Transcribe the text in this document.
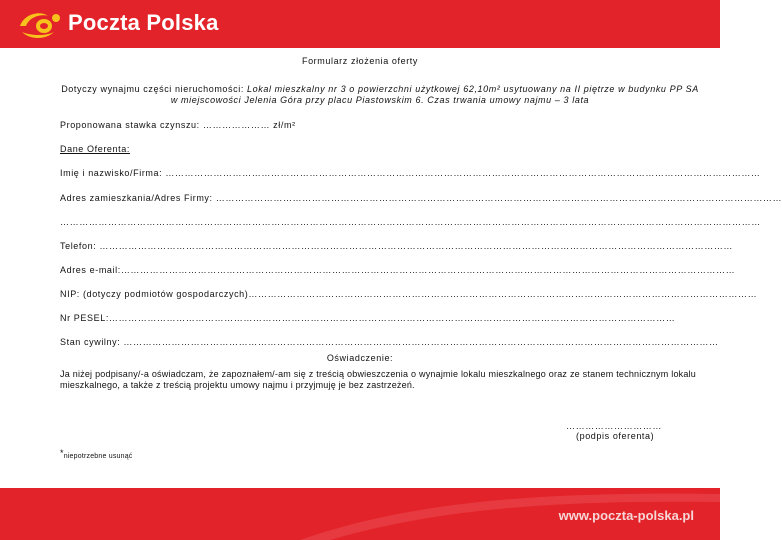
Poczta Polska
Formularz złożenia oferty
Dotyczy wynajmu części nieruchomości: Lokal mieszkalny nr 3 o powierzchni użytkowej 62,10m² usytuowany na II piętrze w budynku PP SA w miejscowości Jelenia Góra przy placu Piastowskim 6. Czas trwania umowy najmu – 3 lata
Proponowana stawka czynszu: ………………… zł/m²
Dane Oferenta:
Imię i nazwisko/Firma: ……………………………………………………………………………………………………………………………………………………………………
Adres zamieszkania/Adres Firmy: ……………………………………………………………………………………………………………………………………………………………
…………………………………………………………………………………………………………………………………………………………………………………………………
Telefon: ………………………………………………………………………………………………………………………………………………………………………………
Adres e-mail:…………………………………………………………………………………………………………………………………………………………………………
NIP: (dotyczy podmiotów gospodarczych)……………………………………………………………………………………………………………………………………………
Nr PESEL:……………………………………………………………………………………………………………………………………………………………
Stan cywilny: ……………………………………………………………………………………………………………………………………………………………………
Oświadczenie:
Ja niżej podpisany/-a oświadczam, że zapoznałem/-am się z treścią obwieszczenia o wynajmie lokalu mieszkalnego oraz ze stanem technicznym lokalu mieszkalnego, a także z treścią projektu umowy najmu i przyjmuję je bez zastrzeżeń.
…………………………
(podpis oferenta)
*niepotrzebne usunąć
www.poczta-polska.pl
